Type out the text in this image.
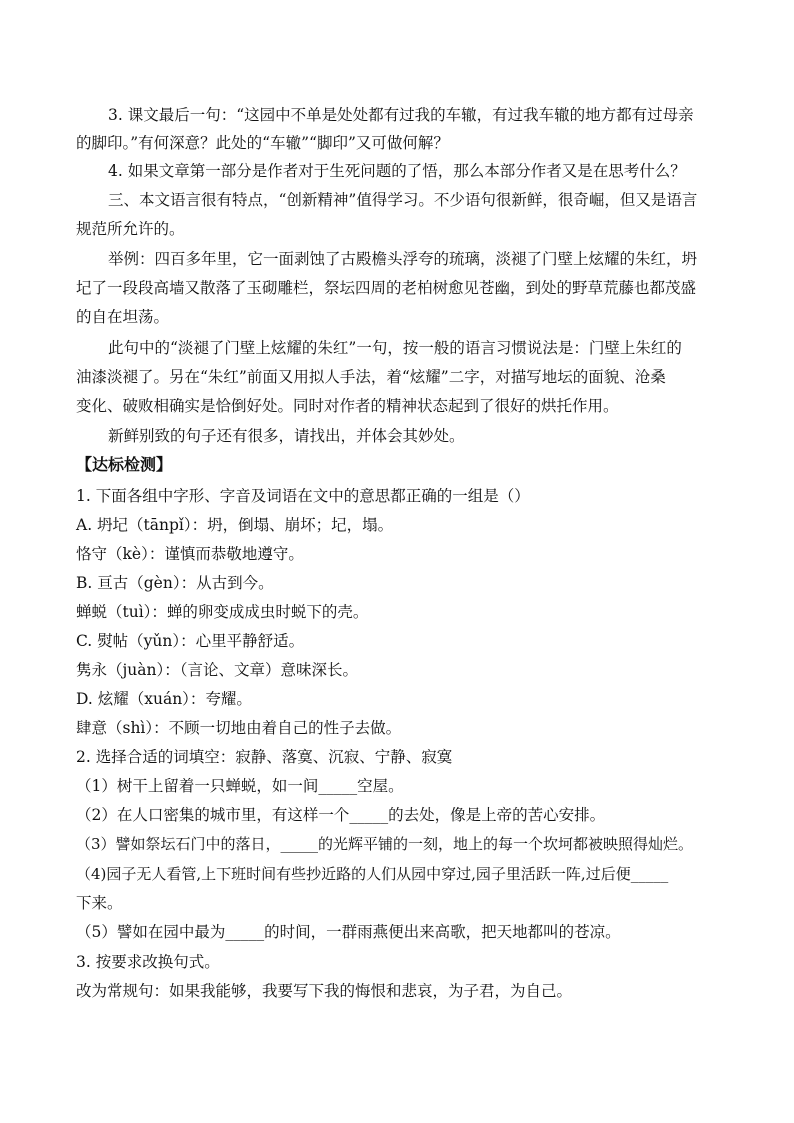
3. 课文最后一句：“这园中不单是处处都有过我的车辙，有过我车辙的地方都有过母亲
的脚印。”有何深意？此处的“车辙”“脚印”又可做何解？
4. 如果文章第一部分是作者对于生死问题的了悟，那么本部分作者又是在思考什么？
三、本文语言很有特点，“创新精神”值得学习。不少语句很新鲜，很奇崛，但又是语言
规范所允许的。
举例：四百多年里，它一面剥蚀了古殿檐头浮夸的琉璃，淡褪了门壁上炫耀的朱红，坍
圮了一段段高墙又散落了玉砌雕栏，祭坛四周的老柏树愈见苍幽，到处的野草荒藤也都茂盛
的自在坦荡。
此句中的“淡褪了门壁上炫耀的朱红”一句，按一般的语言习惯说法是：门壁上朱红的
油漆淡褪了。另在“朱红”前面又用拟人手法，着“炫耀”二字，对描写地坛的面貌、沧桑
变化、破败相确实是恰倒好处。同时对作者的精神状态起到了很好的烘托作用。
新鲜别致的句子还有很多，请找出，并体会其妙处。
【达标检测】
1. 下面各组中字形、字音及词语在文中的意思都正确的一组是（）
A. 坍圮（tānpǐ）：坍，倒塌、崩坏；圮，塌。
恪守（kè）：谨慎而恭敬地遵守。
B. 亘古（gèn）：从古到今。
蝉蜕（tuì）：蝉的卵变成成虫时蜕下的壳。
C. 熨帖（yǔn）：心里平静舒适。
隽永（juàn）：（言论、文章）意味深长。
D. 炫耀（xuán）：夸耀。
肆意（shì）：不顾一切地由着自己的性子去做。
2. 选择合适的词填空：寂静、落寞、沉寂、宁静、寂寞
（1）树干上留着一只蝉蜕，如一间_____空屋。
（2）在人口密集的城市里，有这样一个_____的去处，像是上帝的苦心安排。
（3）譬如祭坛石门中的落日，_____的光辉平铺的一刻，地上的每一个坎坷都被映照得灿烂。
（4)园子无人看管,上下班时间有些抄近路的人们从园中穿过,园子里活跃一阵,过后便_____
下来。
（5）譬如在园中最为_____的时间，一群雨燕便出来高歌，把天地都叫的苍凉。
3. 按要求改换句式。
改为常规句：如果我能够，我要写下我的悔恨和悲哀，为子君，为自己。
